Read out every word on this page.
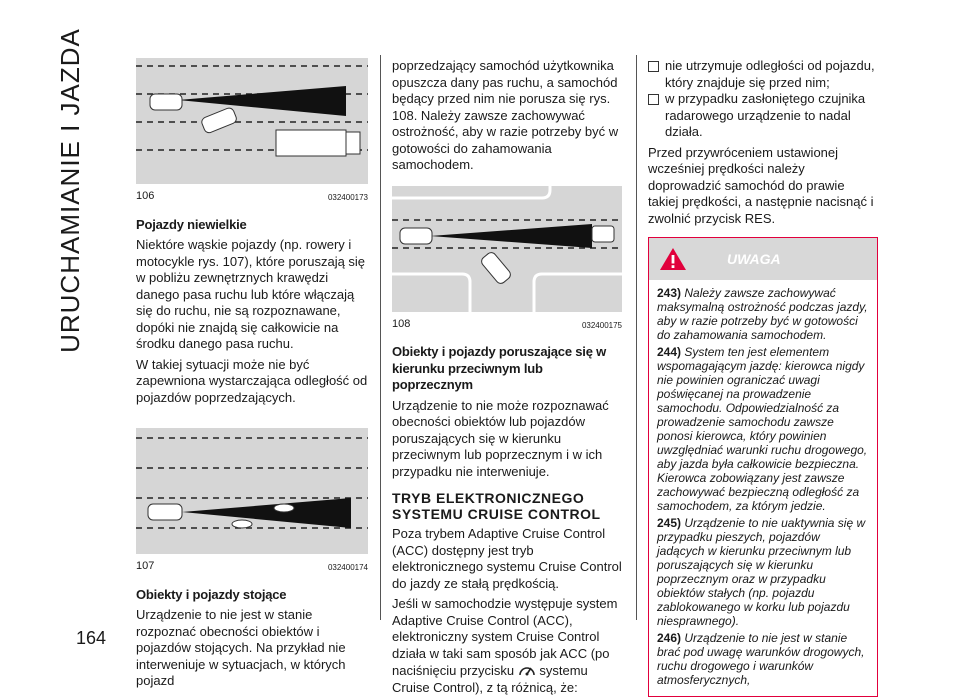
URUCHAMIANIE I JAZDA
164
106	032400173
Pojazdy niewielkie

Niektóre wąskie pojazdy (np. rowery i motocykle rys. 107), które poruszają się w pobliżu zewnętrznych krawędzi danego pasa ruchu lub które włączają się do ruchu, nie są rozpoznawane, dopóki nie znajdą się całkowicie na środku danego pasa ruchu.

W takiej sytuacji może nie być zapewniona wystarczająca odległość od pojazdów poprzedzających.

107	032400174
Obiekty i pojazdy stojące

Urządzenie to nie jest w stanie rozpoznać obecności obiektów i pojazdów stojących. Na przykład nie interweniuje w sytuacjach, w których pojazd

poprzedzający samochód użytkownika opuszcza dany pas ruchu, a samochód będący przed nim nie porusza się rys. 108. Należy zawsze zachowywać ostrożność, aby w razie potrzeby być w gotowości do zahamowania samochodem.

108	032400175
Obiekty i pojazdy poruszające się w kierunku przeciwnym lub poprzecznym

Urządzenie to nie może rozpoznawać obecności obiektów lub pojazdów poruszających się w kierunku przeciwnym lub poprzecznym i w ich przypadku nie interweniuje.

TRYB ELEKTRONICZNEGO SYSTEMU CRUISE CONTROL

Poza trybem Adaptive Cruise Control (ACC) dostępny jest tryb elektronicznego systemu Cruise Control do jazdy ze stałą prędkością.

Jeśli w samochodzie występuje system Adaptive Cruise Control (ACC), elektroniczny system Cruise Control działa w taki sam sposób jak ACC (po naciśnięciu przycisku systemu Cruise Control), z tą różnicą, że:

nie utrzymuje odległości od pojazdu, który znajduje się przed nim;
w przypadku zasłoniętego czujnika radarowego urządzenie to nadal działa.

Przed przywróceniem ustawionej wcześniej prędkości należy doprowadzić samochód do prawie takiej prędkości, a następnie nacisnąć i zwolnić przycisk RES.

UWAGA

243) Należy zawsze zachowywać maksymalną ostrożność podczas jazdy, aby w razie potrzeby być w gotowości do zahamowania samochodem.

244) System ten jest elementem wspomagającym jazdę: kierowca nigdy nie powinien ograniczać uwagi poświęcanej na prowadzenie samochodu. Odpowiedzialność za prowadzenie samochodu zawsze ponosi kierowca, który powinien uwzględniać warunki ruchu drogowego, aby jazda była całkowicie bezpieczna. Kierowca zobowiązany jest zawsze zachowywać bezpieczną odległość za samochodem, za którym jedzie.

245) Urządzenie to nie uaktywnia się w przypadku pieszych, pojazdów jadących w kierunku przeciwnym lub poruszających się w kierunku poprzecznym oraz w przypadku obiektów stałych (np. pojazdu zablokowanego w korku lub pojazdu niesprawnego).

246) Urządzenie to nie jest w stanie brać pod uwagę warunków drogowych, ruchu drogowego i warunków atmosferycznych,
